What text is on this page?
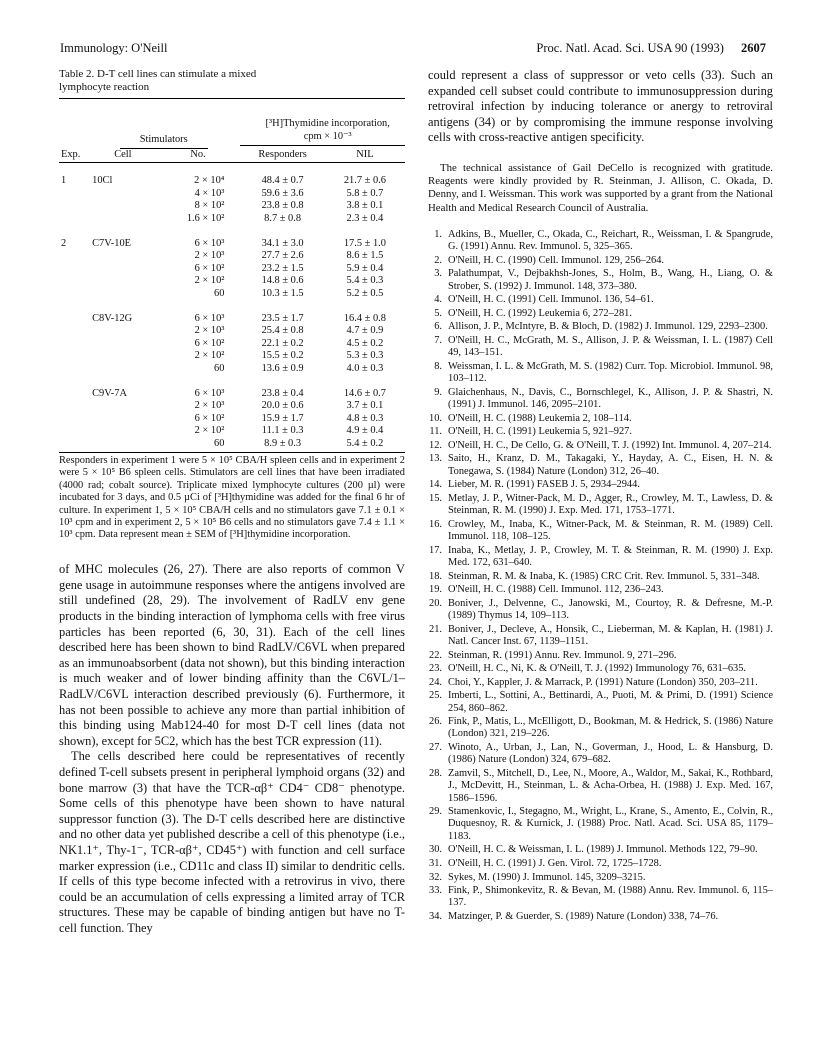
Immunology: O'Neill	Proc. Natl. Acad. Sci. USA 90 (1993) 2607

Table 2. D-T cell lines can stimulate a mixed lymphocyte reaction

Stimulators			[³H]Thymidine incorporation, cpm × 10⁻³	

Exp.	Cell	No.	Responders	NIL

1	10Cl	2 × 10⁴	48.4 ± 0.7	21.7 ± 0.6
		4 × 10³	59.6 ± 3.6	5.8 ± 0.7
		8 × 10²	23.8 ± 0.8	3.8 ± 0.1
		1.6 × 10²	8.7 ± 0.8	2.3 ± 0.4

2	C7V-10E	6 × 10³	34.1 ± 3.0	17.5 ± 1.0
		2 × 10³	27.7 ± 2.6	8.6 ± 1.5
		6 × 10²	23.2 ± 1.5	5.9 ± 0.4
		2 × 10²	14.8 ± 0.6	5.4 ± 0.3
		60	10.3 ± 1.5	5.2 ± 0.5

	C8V-12G	6 × 10³	23.5 ± 1.7	16.4 ± 0.8
		2 × 10³	25.4 ± 0.8	4.7 ± 0.9
		6 × 10²	22.1 ± 0.2	4.5 ± 0.2
		2 × 10²	15.5 ± 0.2	5.3 ± 0.3
		60	13.6 ± 0.9	4.0 ± 0.3

	C9V-7A	6 × 10³	23.8 ± 0.4	14.6 ± 0.7
		2 × 10³	20.0 ± 0.6	3.7 ± 0.1
		6 × 10²	15.9 ± 1.7	4.8 ± 0.3
		2 × 10²	11.1 ± 0.3	4.9 ± 0.4
		60	8.9 ± 0.3	5.4 ± 0.2

Responders in experiment 1 were 5 × 10⁵ CBA/H spleen cells and in experiment 2 were 5 × 10⁵ B6 spleen cells. Stimulators are cell lines that have been irradiated (4000 rad; cobalt source). Triplicate mixed lymphocyte cultures (200 µl) were incubated for 3 days, and 0.5 µCi of [³H]thymidine was added for the final 6 hr of culture. In experiment 1, 5 × 10⁵ CBA/H cells and no stimulators gave 7.1 ± 0.1 × 10³ cpm and in experiment 2, 5 × 10⁵ B6 cells and no stimulators gave 7.4 ± 1.1 × 10³ cpm. Data represent mean ± SEM of [³H]thymidine incorporation.

of MHC molecules (26, 27). There are also reports of common V gene usage in autoimmune responses where the antigens involved are still undefined (28, 29). The involvement of RadLV env gene products in the binding interaction of lymphoma cells with free virus particles has been reported (6, 30, 31). Each of the cell lines described here has been shown to bind RadLV/C6VL when prepared as an immunoabsorbent (data not shown), but this binding interaction is much weaker and of lower binding affinity than the C6VL/1–RadLV/C6VL interaction described previously (6). Furthermore, it has not been possible to achieve any more than partial inhibition of this binding using Mab124-40 for most D-T cell lines (data not shown), except for 5C2, which has the best TCR expression (11).

The cells described here could be representatives of recently defined T-cell subsets present in peripheral lymphoid organs (32) and bone marrow (3) that have the TCR-αβ⁺ CD4⁻ CD8⁻ phenotype. Some cells of this phenotype have been shown to have natural suppressor function (3). The D-T cells described here are distinctive and no other data yet published describe a cell of this phenotype (i.e., NK1.1⁺, Thy-1⁻, TCR-αβ⁺, CD45⁺) with function and cell surface marker expression (i.e., CD11c and class II) similar to dendritic cells. If cells of this type become infected with a retrovirus in vivo, there could be an accumulation of cells expressing a limited array of TCR structures. These may be capable of binding antigen but have no T-cell function. They

could represent a class of suppressor or veto cells (33). Such an expanded cell subset could contribute to immunosuppression during retroviral infection by inducing tolerance or anergy to retroviral antigens (34) or by compromising the immune response involving cells with cross-reactive antigen specificity.

The technical assistance of Gail DeCello is recognized with gratitude. Reagents were kindly provided by R. Steinman, J. Allison, C. Okada, D. Denny, and I. Weissman. This work was supported by a grant from the National Health and Medical Research Council of Australia.

1. Adkins, B., Mueller, C., Okada, C., Reichart, R., Weissman, I. & Spangrude, G. (1991) Annu. Rev. Immunol. 5, 325–365.
2. O'Neill, H. C. (1990) Cell. Immunol. 129, 256–264.
3. Palathumpat, V., Dejbakhsh-Jones, S., Holm, B., Wang, H., Liang, O. & Strober, S. (1992) J. Immunol. 148, 373–380.
4. O'Neill, H. C. (1991) Cell. Immunol. 136, 54–61.
5. O'Neill, H. C. (1992) Leukemia 6, 272–281.
6. Allison, J. P., McIntyre, B. & Bloch, D. (1982) J. Immunol. 129, 2293–2300.
7. O'Neill, H. C., McGrath, M. S., Allison, J. P. & Weissman, I. L. (1987) Cell 49, 143–151.
8. Weissman, I. L. & McGrath, M. S. (1982) Curr. Top. Microbiol. Immunol. 98, 103–112.
9. Glaichenhaus, N., Davis, C., Bornschlegel, K., Allison, J. P. & Shastri, N. (1991) J. Immunol. 146, 2095–2101.
10. O'Neill, H. C. (1988) Leukemia 2, 108–114.
11. O'Neill, H. C. (1991) Leukemia 5, 921–927.
12. O'Neill, H. C., De Cello, G. & O'Neill, T. J. (1992) Int. Immunol. 4, 207–214.
13. Saito, H., Kranz, D. M., Takagaki, Y., Hayday, A. C., Eisen, H. N. & Tonegawa, S. (1984) Nature (London) 312, 26–40.
14. Lieber, M. R. (1991) FASEB J. 5, 2934–2944.
15. Metlay, J. P., Witner-Pack, M. D., Agger, R., Crowley, M. T., Lawless, D. & Steinman, R. M. (1990) J. Exp. Med. 171, 1753–1771.
16. Crowley, M., Inaba, K., Witner-Pack, M. & Steinman, R. M. (1989) Cell. Immunol. 118, 108–125.
17. Inaba, K., Metlay, J. P., Crowley, M. T. & Steinman, R. M. (1990) J. Exp. Med. 172, 631–640.
18. Steinman, R. M. & Inaba, K. (1985) CRC Crit. Rev. Immunol. 5, 331–348.
19. O'Neill, H. C. (1988) Cell. Immunol. 112, 236–243.
20. Boniver, J., Delvenne, C., Janowski, M., Courtoy, R. & Defresne, M.-P. (1989) Thymus 14, 109–113.
21. Boniver, J., Decleve, A., Honsik, C., Lieberman, M. & Kaplan, H. (1981) J. Natl. Cancer Inst. 67, 1139–1151.
22. Steinman, R. (1991) Annu. Rev. Immunol. 9, 271–296.
23. O'Neill, H. C., Ni, K. & O'Neill, T. J. (1992) Immunology 76, 631–635.
24. Choi, Y., Kappler, J. & Marrack, P. (1991) Nature (London) 350, 203–211.
25. Imberti, L., Sottini, A., Bettinardi, A., Puoti, M. & Primi, D. (1991) Science 254, 860–862.
26. Fink, P., Matis, L., McElligott, D., Bookman, M. & Hedrick, S. (1986) Nature (London) 321, 219–226.
27. Winoto, A., Urban, J., Lan, N., Goverman, J., Hood, L. & Hansburg, D. (1986) Nature (London) 324, 679–682.
28. Zamvil, S., Mitchell, D., Lee, N., Moore, A., Waldor, M., Sakai, K., Rothbard, J., McDevitt, H., Steinman, L. & Acha-Orbea, H. (1988) J. Exp. Med. 167, 1586–1596.
29. Stamenkovic, I., Stegagno, M., Wright, L., Krane, S., Amento, E., Colvin, R., Duquesnoy, R. & Kurnick, J. (1988) Proc. Natl. Acad. Sci. USA 85, 1179–1183.
30. O'Neill, H. C. & Weissman, I. L. (1989) J. Immunol. Methods 122, 79–90.
31. O'Neill, H. C. (1991) J. Gen. Virol. 72, 1725–1728.
32. Sykes, M. (1990) J. Immunol. 145, 3209–3215.
33. Fink, P., Shimonkevitz, R. & Bevan, M. (1988) Annu. Rev. Immunol. 6, 115–137.
34. Matzinger, P. & Guerder, S. (1989) Nature (London) 338, 74–76.
